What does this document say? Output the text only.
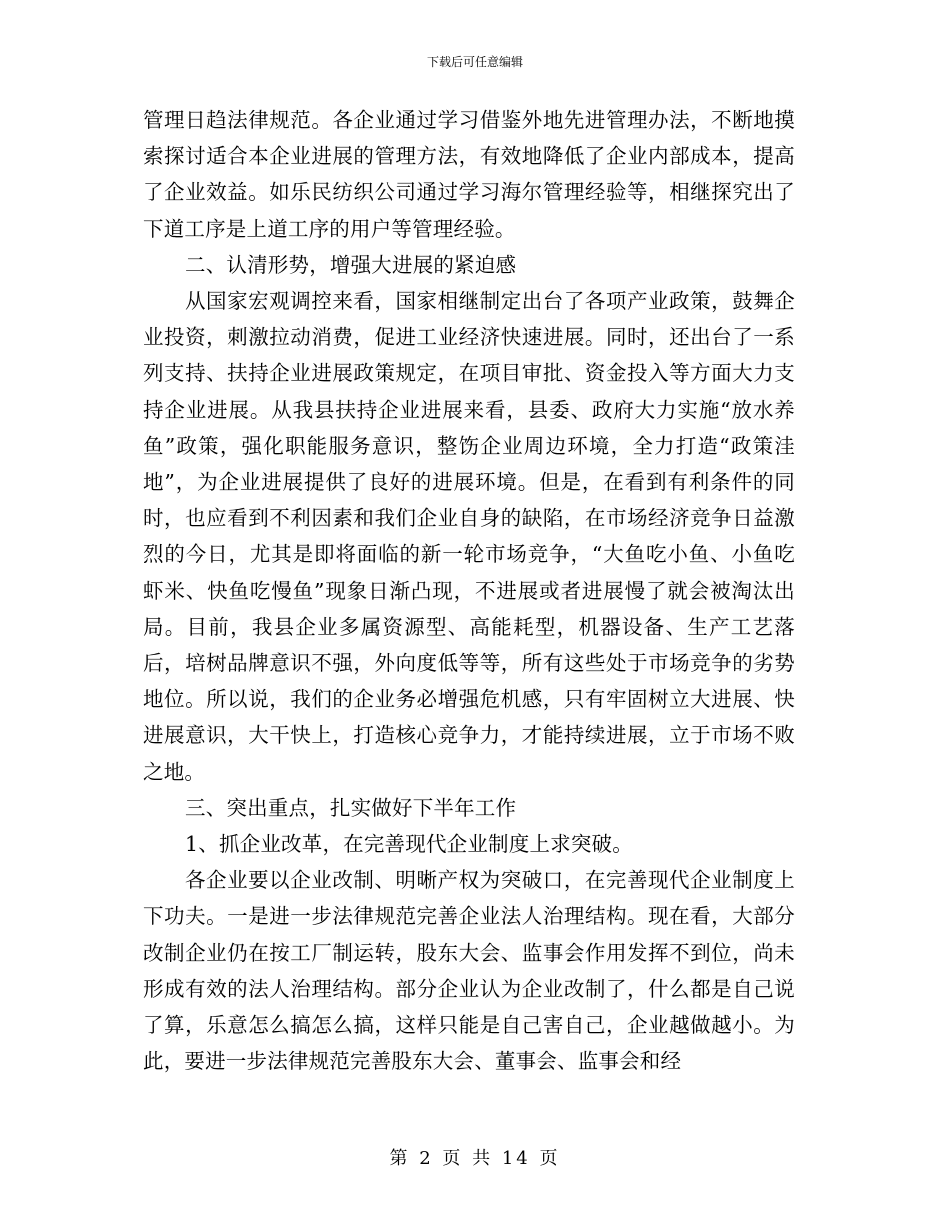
下载后可任意编辑

管理日趋法律规范。各企业通过学习借鉴外地先进管理办法，不断地摸索探讨适合本企业进展的管理方法，有效地降低了企业内部成本，提高了企业效益。如乐民纺织公司通过学习海尔管理经验等，相继探究出了下道工序是上道工序的用户等管理经验。

二、认清形势，增强大进展的紧迫感

从国家宏观调控来看，国家相继制定出台了各项产业政策，鼓舞企业投资，刺激拉动消费，促进工业经济快速进展。同时，还出台了一系列支持、扶持企业进展政策规定，在项目审批、资金投入等方面大力支持企业进展。从我县扶持企业进展来看，县委、政府大力实施“放水养鱼”政策，强化职能服务意识，整饬企业周边环境，全力打造“政策洼地”，为企业进展提供了良好的进展环境。但是，在看到有利条件的同时，也应看到不利因素和我们企业自身的缺陷，在市场经济竞争日益激烈的今日，尤其是即将面临的新一轮市场竞争，“大鱼吃小鱼、小鱼吃虾米、快鱼吃慢鱼”现象日渐凸现，不进展或者进展慢了就会被淘汰出局。目前，我县企业多属资源型、高能耗型，机器设备、生产工艺落后，培树品牌意识不强，外向度低等等，所有这些处于市场竞争的劣势地位。所以说，我们的企业务必增强危机感，只有牢固树立大进展、快进展意识，大干快上，打造核心竞争力，才能持续进展，立于市场不败之地。

三、突出重点，扎实做好下半年工作

1、抓企业改革，在完善现代企业制度上求突破。

各企业要以企业改制、明晰产权为突破口，在完善现代企业制度上下功夫。一是进一步法律规范完善企业法人治理结构。现在看，大部分改制企业仍在按工厂制运转，股东大会、监事会作用发挥不到位，尚未形成有效的法人治理结构。部分企业认为企业改制了，什么都是自己说了算，乐意怎么搞怎么搞，这样只能是自己害自己，企业越做越小。为此，要进一步法律规范完善股东大会、董事会、监事会和经

第 2 页 共 14 页
